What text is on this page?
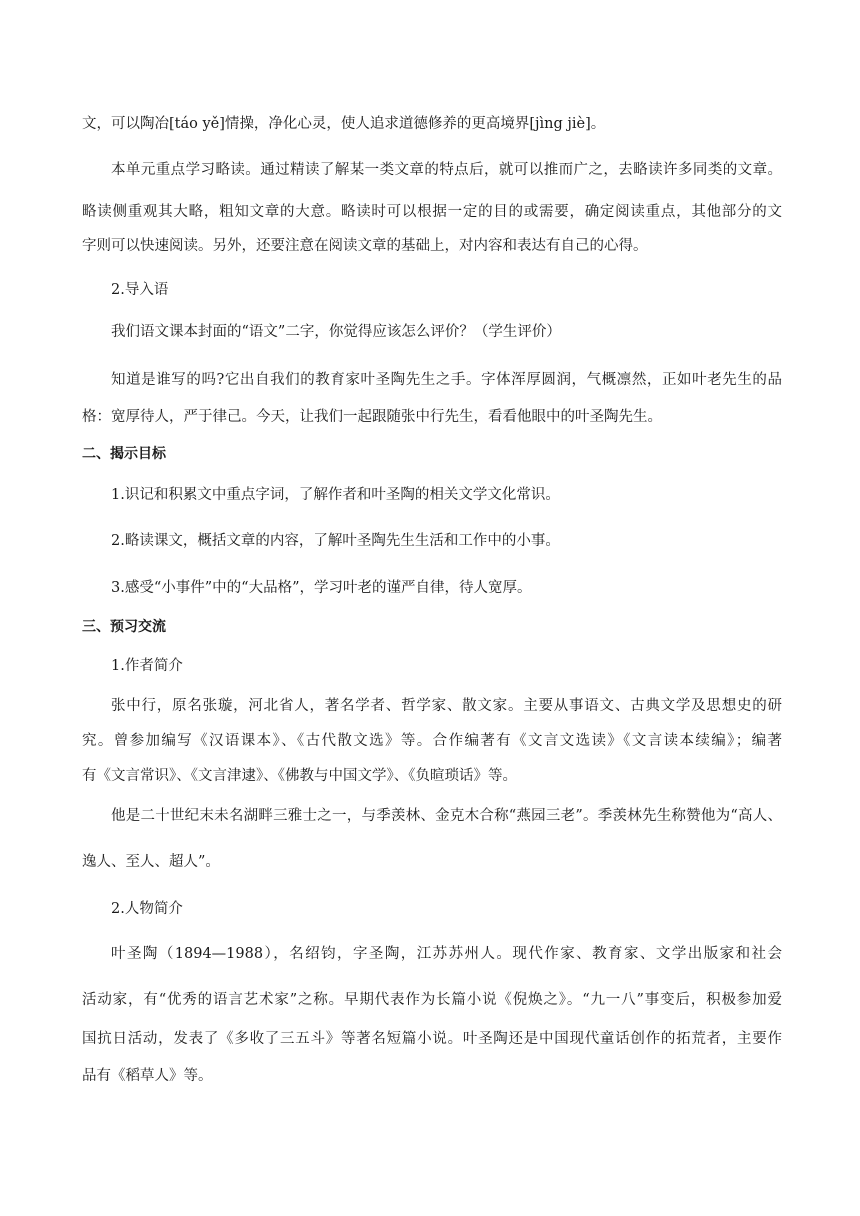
文，可以陶冶[táo yě]情操，净化心灵，使人追求道德修养的更高境界[jìng jiè]。
本单元重点学习略读。通过精读了解某一类文章的特点后，就可以推而广之，去略读许多同类的文章。
略读侧重观其大略，粗知文章的大意。略读时可以根据一定的目的或需要，确定阅读重点，其他部分的文
字则可以快速阅读。另外，还要注意在阅读文章的基础上，对内容和表达有自己的心得。
2.导入语
我们语文课本封面的“语文”二字，你觉得应该怎么评价？（学生评价）
知道是谁写的吗?它出自我们的教育家叶圣陶先生之手。字体浑厚圆润，气概凛然，正如叶老先生的品
格：宽厚待人，严于律己。今天，让我们一起跟随张中行先生，看看他眼中的叶圣陶先生。
二、揭示目标
1.识记和积累文中重点字词，了解作者和叶圣陶的相关文学文化常识。
2.略读课文，概括文章的内容，了解叶圣陶先生生活和工作中的小事。
3.感受“小事件”中的“大品格”，学习叶老的谨严自律，待人宽厚。
三、预习交流
1.作者简介
张中行，原名张璇，河北省人，著名学者、哲学家、散文家。主要从事语文、古典文学及思想史的研
究。曾参加编写《汉语课本》、《古代散文选》等。合作编著有《文言文选读》《文言读本续编》；编著
有《文言常识》、《文言津逮》、《佛教与中国文学》、《负暄琐话》等。
他是二十世纪末未名湖畔三雅士之一，与季羡林、金克木合称“燕园三老”。季羡林先生称赞他为“高人、
逸人、至人、超人”。
2.人物简介
叶圣陶（1894—1988），名绍钧，字圣陶，江苏苏州人。现代作家、教育家、文学出版家和社会
活动家，有“优秀的语言艺术家”之称。早期代表作为长篇小说《倪焕之》。“九一八”事变后，积极参加爱
国抗日活动，发表了《多收了三五斗》等著名短篇小说。叶圣陶还是中国现代童话创作的拓荒者，主要作
品有《稻草人》等。
